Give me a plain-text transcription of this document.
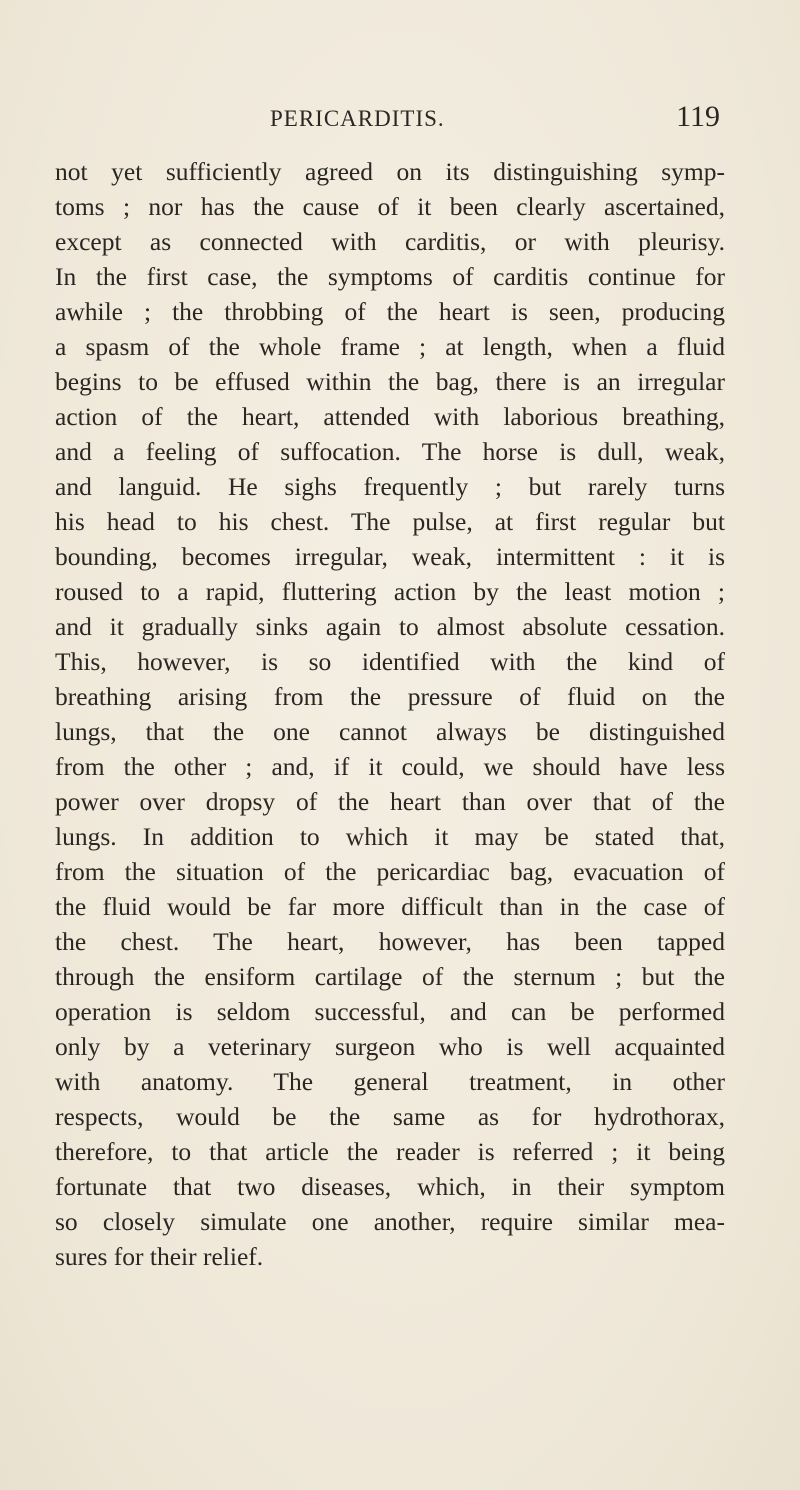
PERICARDITIS.	119
not yet sufficiently agreed on its distinguishing symp-
toms ; nor has the cause of it been clearly ascertained,
except as connected with carditis, or with pleurisy.
In the first case, the symptoms of carditis continue for
awhile ; the throbbing of the heart is seen, producing
a spasm of the whole frame ; at length, when a fluid
begins to be effused within the bag, there is an irregular
action of the heart, attended with laborious breathing,
and a feeling of suffocation. The horse is dull, weak,
and languid. He sighs frequently ; but rarely turns
his head to his chest. The pulse, at first regular but
bounding, becomes irregular, weak, intermittent : it is
roused to a rapid, fluttering action by the least motion ;
and it gradually sinks again to almost absolute cessation.
This, however, is so identified with the kind of
breathing arising from the pressure of fluid on the
lungs, that the one cannot always be distinguished
from the other ; and, if it could, we should have less
power over dropsy of the heart than over that of the
lungs. In addition to which it may be stated that,
from the situation of the pericardiac bag, evacuation of
the fluid would be far more difficult than in the case of
the chest. The heart, however, has been tapped
through the ensiform cartilage of the sternum ; but the
operation is seldom successful, and can be performed
only by a veterinary surgeon who is well acquainted
with anatomy. The general treatment, in other
respects, would be the same as for hydrothorax,
therefore, to that article the reader is referred ; it being
fortunate that two diseases, which, in their symptom
so closely simulate one another, require similar mea-
sures for their relief.
